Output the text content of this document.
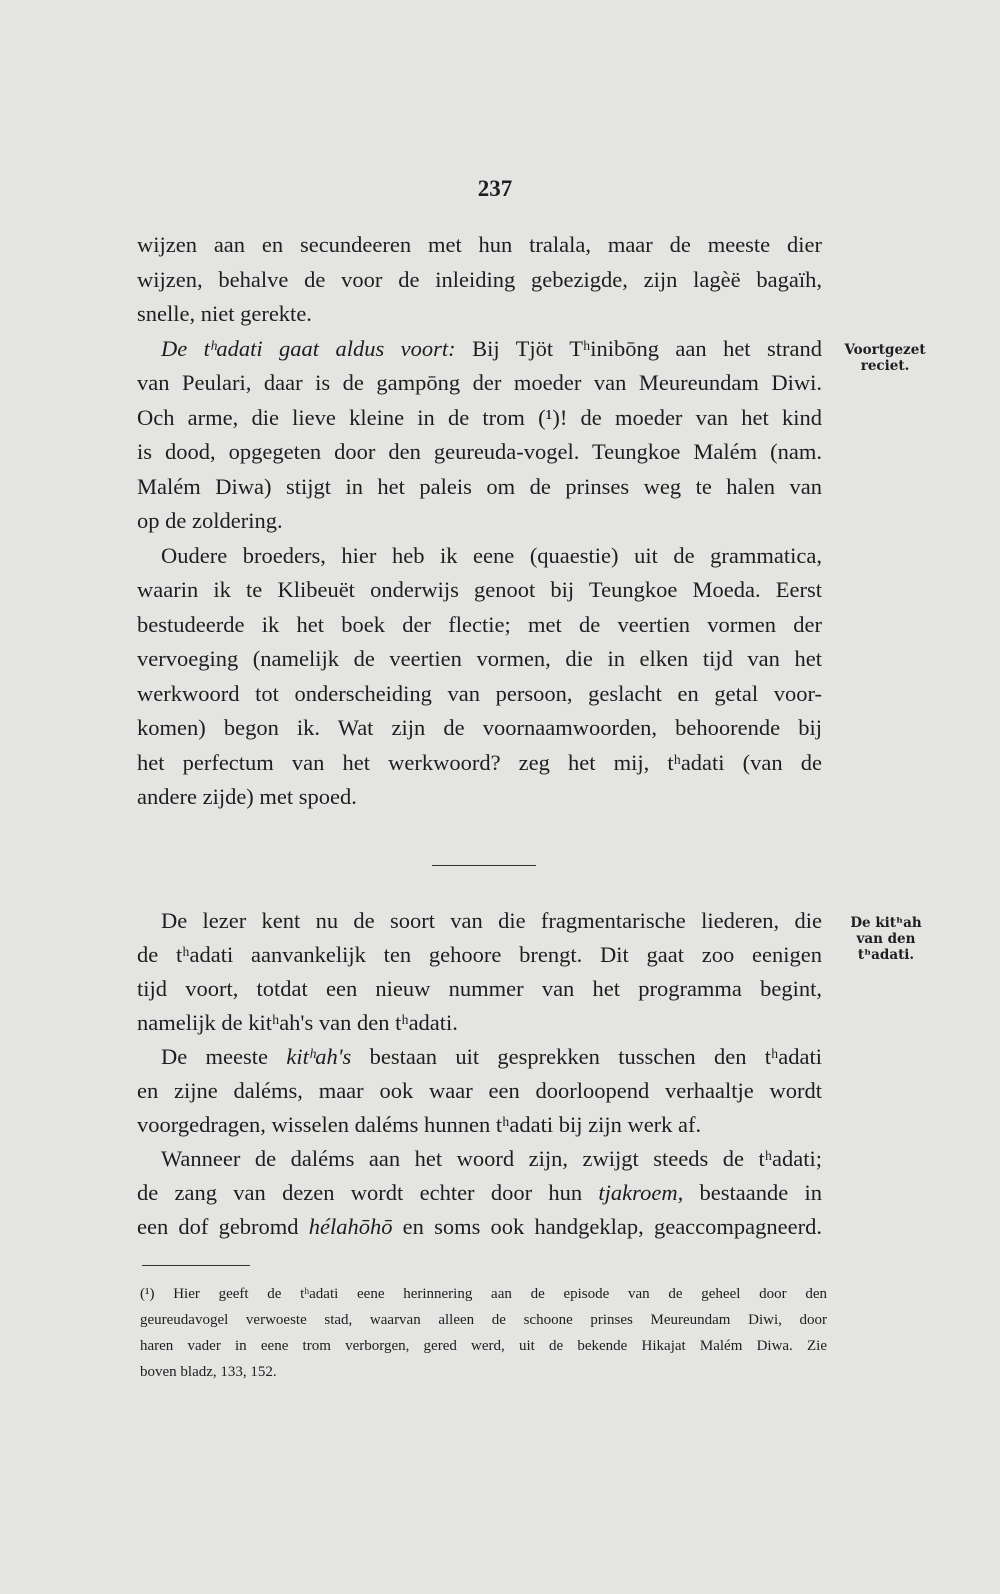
237
wijzen aan en secundeeren met hun tralala, maar de meeste dier
wijzen, behalve de voor de inleiding gebezigde, zijn lagèë bagaïh,
snelle, niet gerekte.
De tʰadati gaat aldus voort: Bij Tjöt Tʰinibōng aan het strand
van Peulari, daar is de gampōng der moeder van Meureundam Diwi.
Och arme, die lieve kleine in de trom (¹)! de moeder van het kind
is dood, opgegeten door den geureuda-vogel. Teungkoe Malém (nam.
Malém Diwa) stijgt in het paleis om de prinses weg te halen van
op de zoldering.
Oudere broeders, hier heb ik eene (quaestie) uit de grammatica,
waarin ik te Klibeuët onderwijs genoot bij Teungkoe Moeda. Eerst
bestudeerde ik het boek der flectie; met de veertien vormen der
vervoeging (namelijk de veertien vormen, die in elken tijd van het
werkwoord tot onderscheiding van persoon, geslacht en getal voor-
komen) begon ik. Wat zijn de voornaamwoorden, behoorende bij
het perfectum van het werkwoord? zeg het mij, tʰadati (van de
andere zijde) met spoed.
Voortgezet
reciet.
De lezer kent nu de soort van die fragmentarische liederen, die
de tʰadati aanvankelijk ten gehoore brengt. Dit gaat zoo eenigen
tijd voort, totdat een nieuw nummer van het programma begint,
namelijk de kitʰah's van den tʰadati.
De meeste kitʰah's bestaan uit gesprekken tusschen den tʰadati
en zijne daléms, maar ook waar een doorloopend verhaaltje wordt
voorgedragen, wisselen daléms hunnen tʰadati bij zijn werk af.
Wanneer de daléms aan het woord zijn, zwijgt steeds de tʰadati;
de zang van dezen wordt echter door hun tjakroem, bestaande in
een dof gebromd hélahōhō en soms ook handgeklap, geaccompagneerd.
De kitʰah
van den
tʰadati.
(¹) Hier geeft de tʰadati eene herinnering aan de episode van de geheel door den
geureudavogel verwoeste stad, waarvan alleen de schoone prinses Meureundam Diwi, door
haren vader in eene trom verborgen, gered werd, uit de bekende Hikajat Malém Diwa. Zie
boven bladz, 133, 152.
